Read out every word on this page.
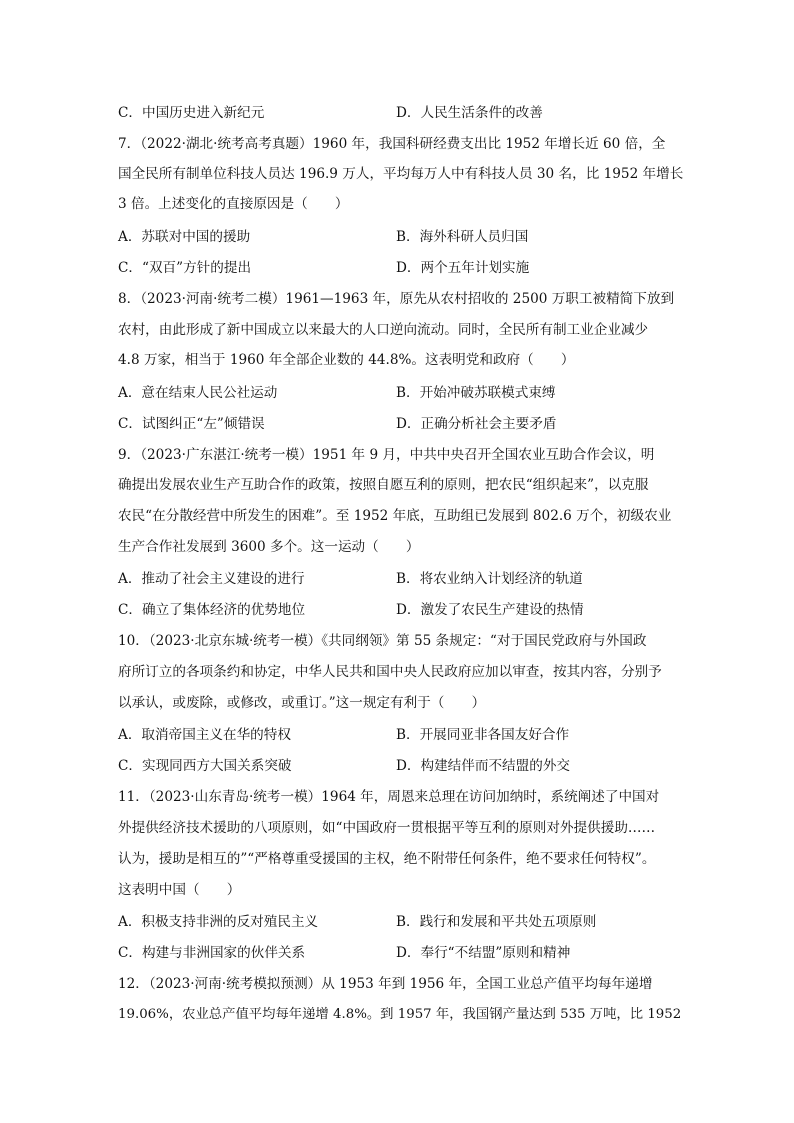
C．中国历史进入新纪元	D．人民生活条件的改善
7．（2022·湖北·统考高考真题）1960 年，我国科研经费支出比 1952 年增长近 60 倍，全
国全民所有制单位科技人员达 196.9 万人，平均每万人中有科技人员 30 名，比 1952 年增长
3 倍。上述变化的直接原因是（　　）
A．苏联对中国的援助	B．海外科研人员归国
C．“双百”方针的提出	D．两个五年计划实施
8．（2023·河南·统考二模）1961—1963 年，原先从农村招收的 2500 万职工被精简下放到
农村，由此形成了新中国成立以来最大的人口逆向流动。同时，全民所有制工业企业减少
4.8 万家，相当于 1960 年全部企业数的 44.8%。这表明党和政府（　　）
A．意在结束人民公社运动	B．开始冲破苏联模式束缚
C．试图纠正“左”倾错误	D．正确分析社会主要矛盾
9．（2023·广东湛江·统考一模）1951 年 9 月，中共中央召开全国农业互助合作会议，明
确提出发展农业生产互助合作的政策，按照自愿互利的原则，把农民“组织起来”，以克服
农民“在分散经营中所发生的困难”。至 1952 年底，互助组已发展到 802.6 万个，初级农业
生产合作社发展到 3600 多个。这一运动（　　）
A．推动了社会主义建设的进行	B．将农业纳入计划经济的轨道
C．确立了集体经济的优势地位	D．激发了农民生产建设的热情
10．（2023·北京东城·统考一模）《共同纲领》第 55 条规定：“对于国民党政府与外国政
府所订立的各项条约和协定，中华人民共和国中央人民政府应加以审查，按其内容，分别予
以承认，或废除，或修改，或重订。”这一规定有利于（　　）
A．取消帝国主义在华的特权	B．开展同亚非各国友好合作
C．实现同西方大国关系突破	D．构建结伴而不结盟的外交
11．（2023·山东青岛·统考一模）1964 年，周恩来总理在访问加纳时，系统阐述了中国对
外提供经济技术援助的八项原则，如“中国政府一贯根据平等互利的原则对外提供援助……
认为，援助是相互的”“严格尊重受援国的主权，绝不附带任何条件，绝不要求任何特权”。
这表明中国（　　）
A．积极支持非洲的反对殖民主义	B．践行和发展和平共处五项原则
C．构建与非洲国家的伙伴关系	D．奉行“不结盟”原则和精神
12．（2023·河南·统考模拟预测）从 1953 年到 1956 年，全国工业总产值平均每年递增
19.06%，农业总产值平均每年递增 4.8%。到 1957 年，我国钢产量达到 535 万吨，比 1952
